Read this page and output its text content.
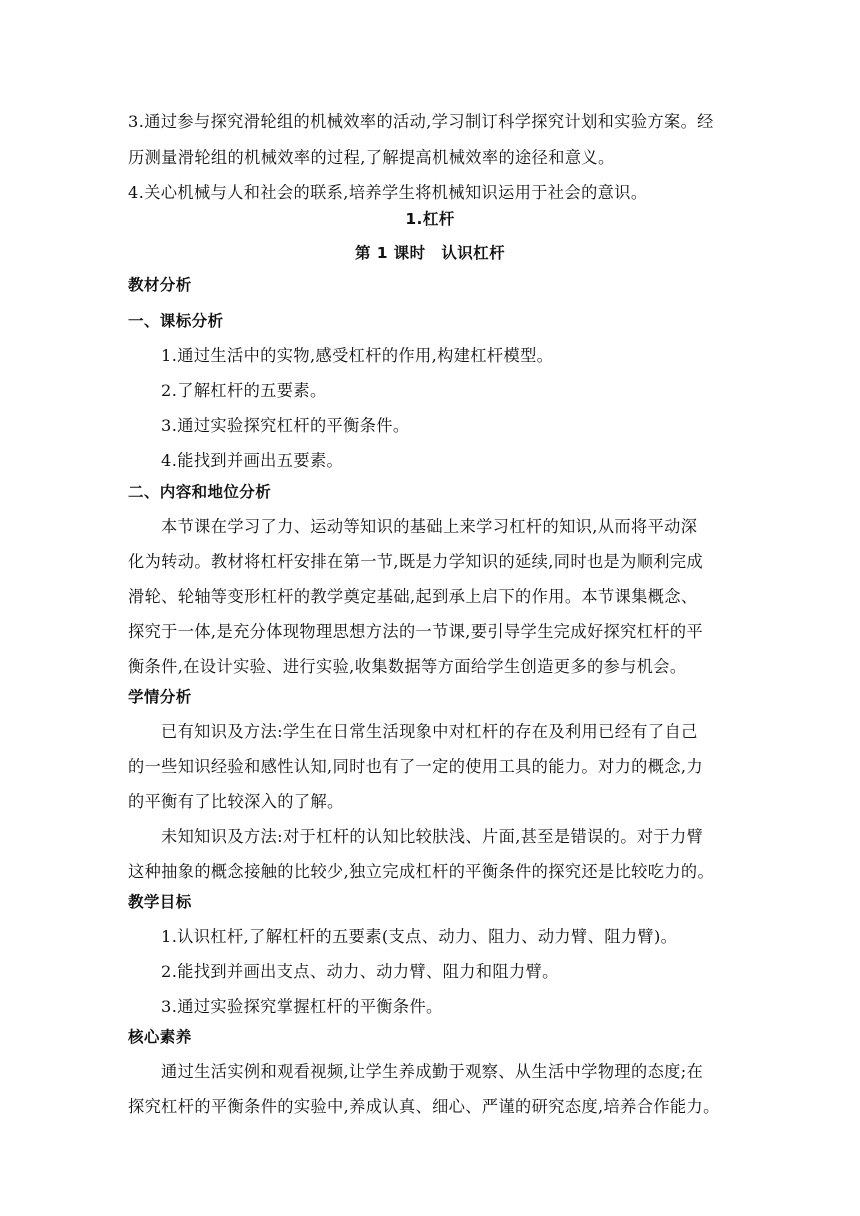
3.通过参与探究滑轮组的机械效率的活动,学习制订科学探究计划和实验方案。经
历测量滑轮组的机械效率的过程,了解提高机械效率的途径和意义。
4.关心机械与人和社会的联系,培养学生将机械知识运用于社会的意识。
1.杠杆
第 1 课时　认识杠杆
教材分析
一、课标分析
1.通过生活中的实物,感受杠杆的作用,构建杠杆模型。
2.了解杠杆的五要素。
3.通过实验探究杠杆的平衡条件。
4.能找到并画出五要素。
二、内容和地位分析
本节课在学习了力、运动等知识的基础上来学习杠杆的知识,从而将平动深
化为转动。教材将杠杆安排在第一节,既是力学知识的延续,同时也是为顺利完成
滑轮、轮轴等变形杠杆的教学奠定基础,起到承上启下的作用。本节课集概念、
探究于一体,是充分体现物理思想方法的一节课,要引导学生完成好探究杠杆的平
衡条件,在设计实验、进行实验,收集数据等方面给学生创造更多的参与机会。
学情分析
已有知识及方法:学生在日常生活现象中对杠杆的存在及利用已经有了自己
的一些知识经验和感性认知,同时也有了一定的使用工具的能力。对力的概念,力
的平衡有了比较深入的了解。
未知知识及方法:对于杠杆的认知比较肤浅、片面,甚至是错误的。对于力臂
这种抽象的概念接触的比较少,独立完成杠杆的平衡条件的探究还是比较吃力的。
教学目标
1.认识杠杆,了解杠杆的五要素(支点、动力、阻力、动力臂、阻力臂)。
2.能找到并画出支点、动力、动力臂、阻力和阻力臂。
3.通过实验探究掌握杠杆的平衡条件。
核心素养
通过生活实例和观看视频,让学生养成勤于观察、从生活中学物理的态度;在
探究杠杆的平衡条件的实验中,养成认真、细心、严谨的研究态度,培养合作能力。
